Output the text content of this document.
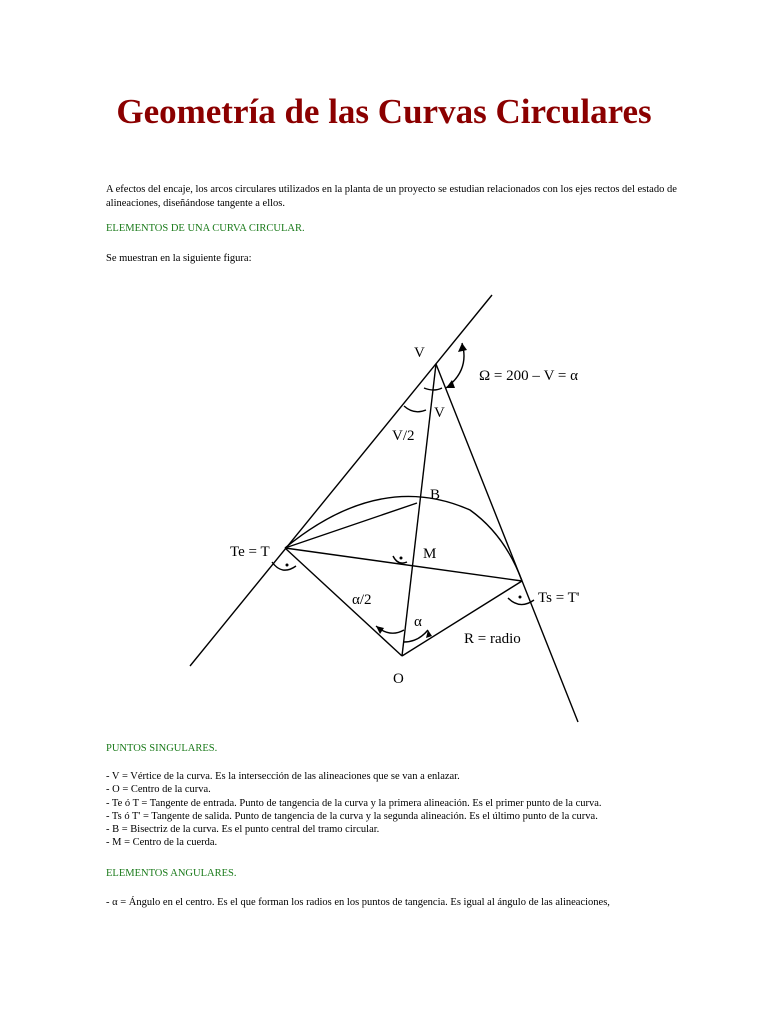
Geometría de las Curvas Circulares

A efectos del encaje, los arcos circulares utilizados en la planta de un proyecto se estudian relacionados con los ejes rectos del estado de alineaciones, diseñándose tangente a ellos.

ELEMENTOS DE UNA CURVA CIRCULAR.

Se muestran en la siguiente figura:

V
Ω = 200 – V = α
V
V/2
B
M
Te = T
Ts = T'
α/2
α
R = radio
O

PUNTOS SINGULARES.

- V = Vértice de la curva. Es la intersección de las alineaciones que se van a enlazar.
- O = Centro de la curva.
- Te ó T = Tangente de entrada. Punto de tangencia de la curva y la primera alineación. Es el primer punto de la curva.
- Ts ó T' = Tangente de salida. Punto de tangencia de la curva y la segunda alineación. Es el último punto de la curva.
- B = Bisectriz de la curva. Es el punto central del tramo circular.
- M = Centro de la cuerda.

ELEMENTOS ANGULARES.

- α = Ángulo en el centro. Es el que forman los radios en los puntos de tangencia. Es igual al ángulo de las alineaciones,
